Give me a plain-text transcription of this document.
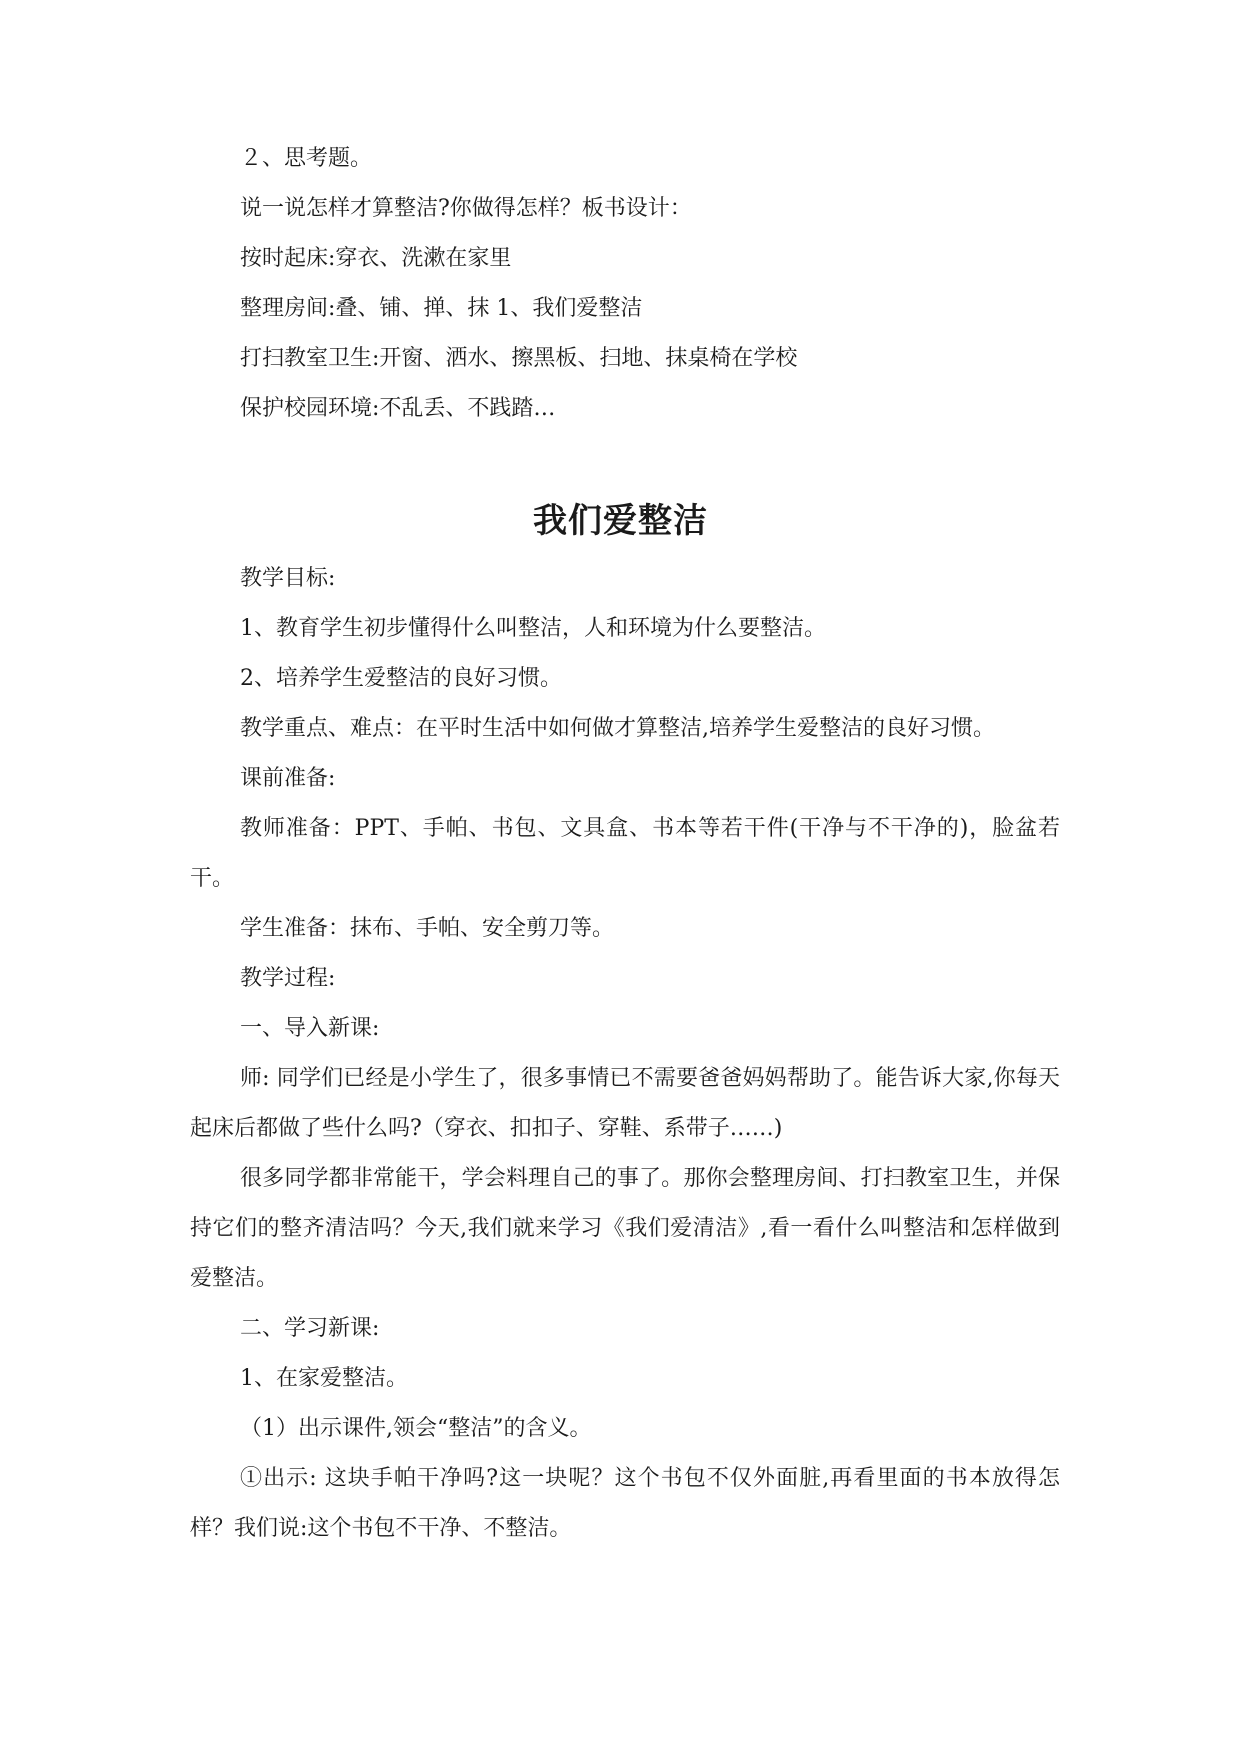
２、思考题。
说一说怎样才算整洁?你做得怎样？板书设计：
按时起床:穿衣、洗漱在家里
整理房间:叠、铺、掸、抹 1、我们爱整洁
打扫教室卫生:开窗、洒水、擦黑板、扫地、抹桌椅在学校
保护校园环境:不乱丢、不践踏…
我们爱整洁
教学目标:
1、教育学生初步懂得什么叫整洁，人和环境为什么要整洁。
2、培养学生爱整洁的良好习惯。
教学重点、难点：在平时生活中如何做才算整洁,培养学生爱整洁的良好习惯。
课前准备:
教师准备：PPT、手帕、书包、文具盒、书本等若干件(干净与不干净的)，脸盆若干。
学生准备：抹布、手帕、安全剪刀等。
教学过程:
一、导入新课:
师: 同学们已经是小学生了，很多事情已不需要爸爸妈妈帮助了。能告诉大家,你每天起床后都做了些什么吗?（穿衣、扣扣子、穿鞋、系带子……)
很多同学都非常能干，学会料理自己的事了。那你会整理房间、打扫教室卫生，并保持它们的整齐清洁吗？今天,我们就来学习《我们爱清洁》,看一看什么叫整洁和怎样做到爱整洁。
二、学习新课:
1、在家爱整洁。
（1）出示课件,领会“整洁”的含义。
①出示: 这块手帕干净吗?这一块呢？这个书包不仅外面脏,再看里面的书本放得怎样？我们说:这个书包不干净、不整洁。
